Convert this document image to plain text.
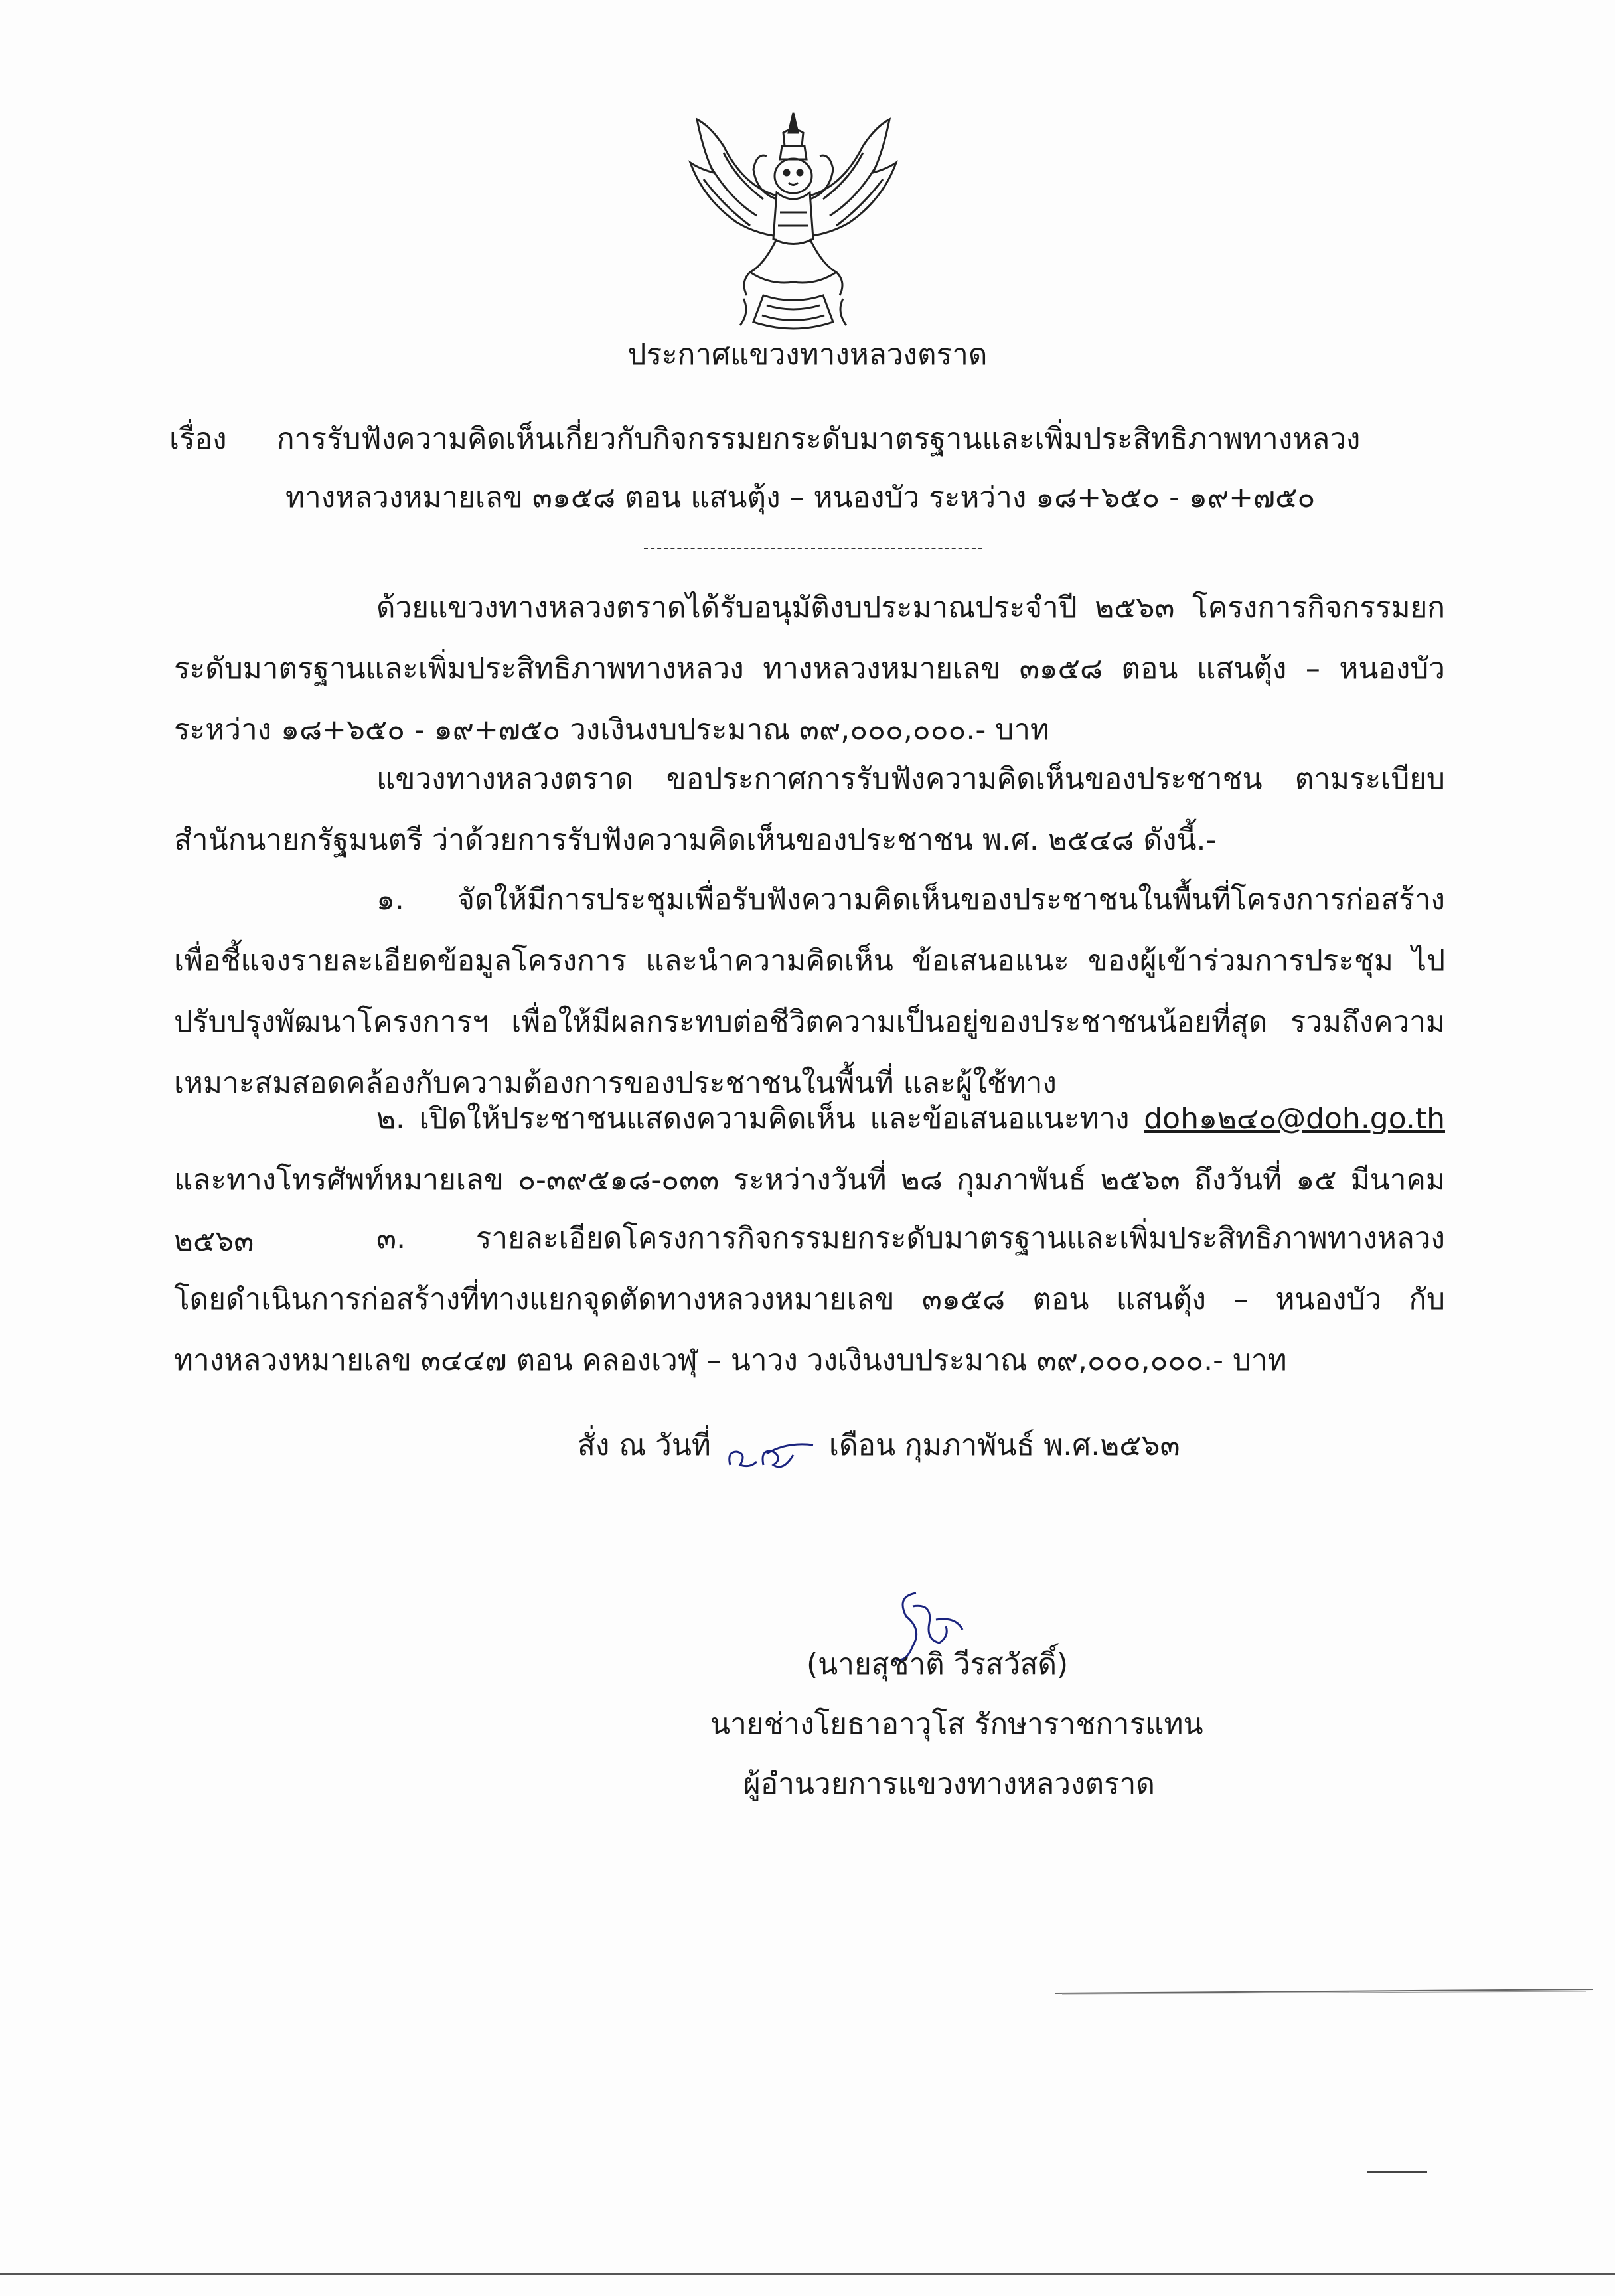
ประกาศแขวงทางหลวงตราด
เรื่อง การรับฟังความคิดเห็นเกี่ยวกับกิจกรรมยกระดับมาตรฐานและเพิ่มประสิทธิภาพทางหลวง
ทางหลวงหมายเลข ๓๑๕๘ ตอน แสนตุ้ง – หนองบัว ระหว่าง ๑๘+๖๕๐ - ๑๙+๗๕๐
ด้วยแขวงทางหลวงตราดได้รับอนุมัติงบประมาณประจำปี ๒๕๖๓ โครงการกิจกรรมยกระดับมาตรฐานและเพิ่มประสิทธิภาพทางหลวง ทางหลวงหมายเลข ๓๑๕๘ ตอน แสนตุ้ง – หนองบัว ระหว่าง ๑๘+๖๕๐ - ๑๙+๗๕๐ วงเงินงบประมาณ ๓๙,๐๐๐,๐๐๐.- บาท
แขวงทางหลวงตราด ขอประกาศการรับฟังความคิดเห็นของประชาชน ตามระเบียบสำนักนายกรัฐมนตรี ว่าด้วยการรับฟังความคิดเห็นของประชาชน พ.ศ. ๒๕๔๘ ดังนี้.-
๑. จัดให้มีการประชุมเพื่อรับฟังความคิดเห็นของประชาชนในพื้นที่โครงการก่อสร้าง เพื่อชี้แจงรายละเอียดข้อมูลโครงการ และนำความคิดเห็น ข้อเสนอแนะ ของผู้เข้าร่วมการประชุม ไปปรับปรุงพัฒนาโครงการฯ เพื่อให้มีผลกระทบต่อชีวิตความเป็นอยู่ของประชาชนน้อยที่สุด รวมถึงความเหมาะสมสอดคล้องกับความต้องการของประชาชนในพื้นที่ และผู้ใช้ทาง
๒. เปิดให้ประชาชนแสดงความคิดเห็น และข้อเสนอแนะทาง doh๑๒๔๐@doh.go.th และทางโทรศัพท์หมายเลข ๐-๓๙๕๑๘-๐๓๓ ระหว่างวันที่ ๒๘ กุมภาพันธ์ ๒๕๖๓ ถึงวันที่ ๑๕ มีนาคม ๒๕๖๓	๓. รายละเอียดโครงการกิจกรรมยกระดับมาตรฐานและเพิ่มประสิทธิภาพทางหลวง โดยดำเนินการก่อสร้างที่ทางแยกจุดตัดทางหลวงหมายเลข ๓๑๕๘ ตอน แสนตุ้ง – หนองบัว กับทางหลวงหมายเลข ๓๔๔๗ ตอน คลองเวฬุ – นาวง วงเงินงบประมาณ ๓๙,๐๐๐,๐๐๐.- บาท
สั่ง ณ วันที่	เดือน กุมภาพันธ์ พ.ศ.๒๕๖๓
(นายสุชาติ วีรสวัสดิ์)
นายช่างโยธาอาวุโส รักษาราชการแทน
ผู้อำนวยการแขวงทางหลวงตราด
